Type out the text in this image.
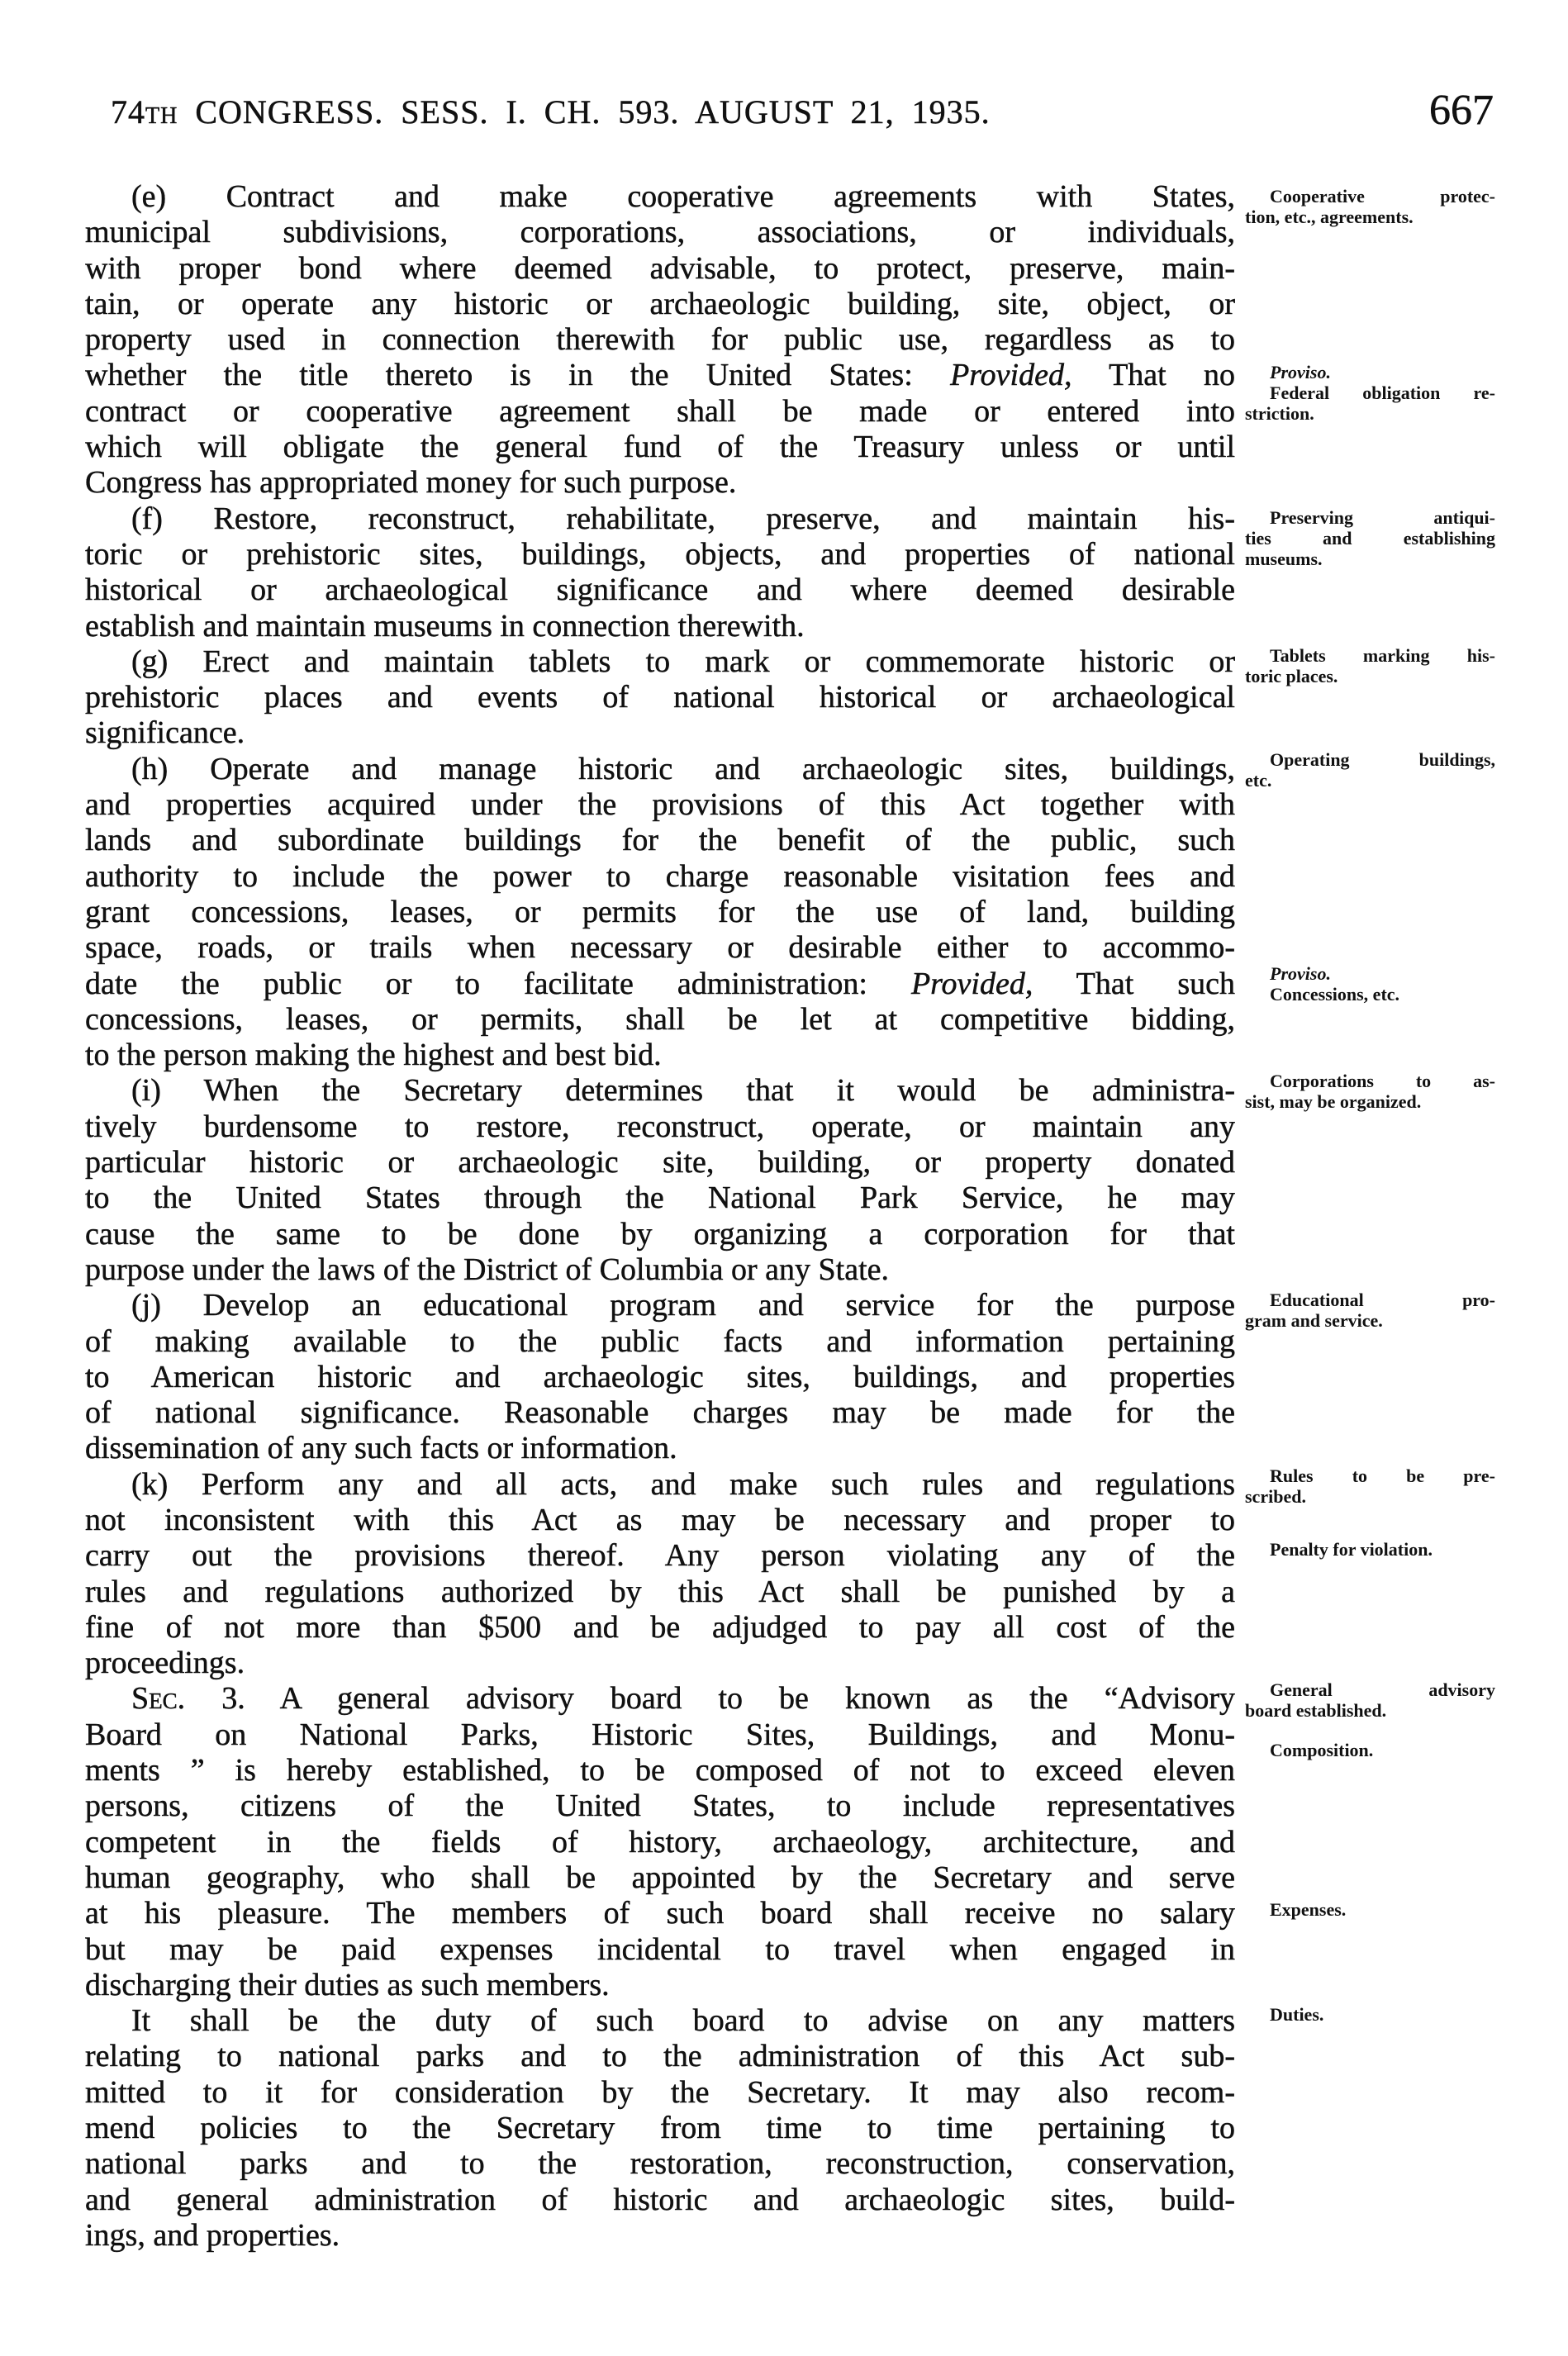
74th CONGRESS. SESS. I. CH. 593. AUGUST 21, 1935.	667
(e) Contract and make cooperative agreements with States,
municipal subdivisions, corporations, associations, or individuals,
with proper bond where deemed advisable, to protect, preserve, main-
tain, or operate any historic or archaeologic building, site, object, or
property used in connection therewith for public use, regardless as to
whether the title thereto is in the United States: Provided, That no
contract or cooperative agreement shall be made or entered into
which will obligate the general fund of the Treasury unless or until
Congress has appropriated money for such purpose.
(f) Restore, reconstruct, rehabilitate, preserve, and maintain his-
toric or prehistoric sites, buildings, objects, and properties of national
historical or archaeological significance and where deemed desirable
establish and maintain museums in connection therewith.
(g) Erect and maintain tablets to mark or commemorate historic or
prehistoric places and events of national historical or archaeological
significance.
(h) Operate and manage historic and archaeologic sites, buildings,
and properties acquired under the provisions of this Act together with
lands and subordinate buildings for the benefit of the public, such
authority to include the power to charge reasonable visitation fees and
grant concessions, leases, or permits for the use of land, building
space, roads, or trails when necessary or desirable either to accommo-
date the public or to facilitate administration: Provided, That such
concessions, leases, or permits, shall be let at competitive bidding,
to the person making the highest and best bid.
(i) When the Secretary determines that it would be administra-
tively burdensome to restore, reconstruct, operate, or maintain any
particular historic or archaeologic site, building, or property donated
to the United States through the National Park Service, he may
cause the same to be done by organizing a corporation for that
purpose under the laws of the District of Columbia or any State.
(j) Develop an educational program and service for the purpose
of making available to the public facts and information pertaining
to American historic and archaeologic sites, buildings, and properties
of national significance. Reasonable charges may be made for the
dissemination of any such facts or information.
(k) Perform any and all acts, and make such rules and regulations
not inconsistent with this Act as may be necessary and proper to
carry out the provisions thereof. Any person violating any of the
rules and regulations authorized by this Act shall be punished by a
fine of not more than $500 and be adjudged to pay all cost of the
proceedings.
Sec. 3. A general advisory board to be known as the “Advisory
Board on National Parks, Historic Sites, Buildings, and Monu-
ments ” is hereby established, to be composed of not to exceed eleven
persons, citizens of the United States, to include representatives
competent in the fields of history, archaeology, architecture, and
human geography, who shall be appointed by the Secretary and serve
at his pleasure. The members of such board shall receive no salary
but may be paid expenses incidental to travel when engaged in
discharging their duties as such members.
It shall be the duty of such board to advise on any matters
relating to national parks and to the administration of this Act sub-
mitted to it for consideration by the Secretary. It may also recom-
mend policies to the Secretary from time to time pertaining to
national parks and to the restoration, reconstruction, conservation,
and general administration of historic and archaeologic sites, build-
ings, and properties.
Cooperative protec-
tion, etc., agreements.
Proviso.
Federal obligation re-
striction.
Preserving antiqui-
ties and establishing
museums.
Tablets marking his-
toric places.
Operating buildings,
etc.
Proviso.
Concessions, etc.
Corporations to as-
sist, may be organized.
Educational pro-
gram and service.
Rules to be pre-
scribed.
Penalty for violation.
General advisory
board established.
Composition.
Expenses.
Duties.
